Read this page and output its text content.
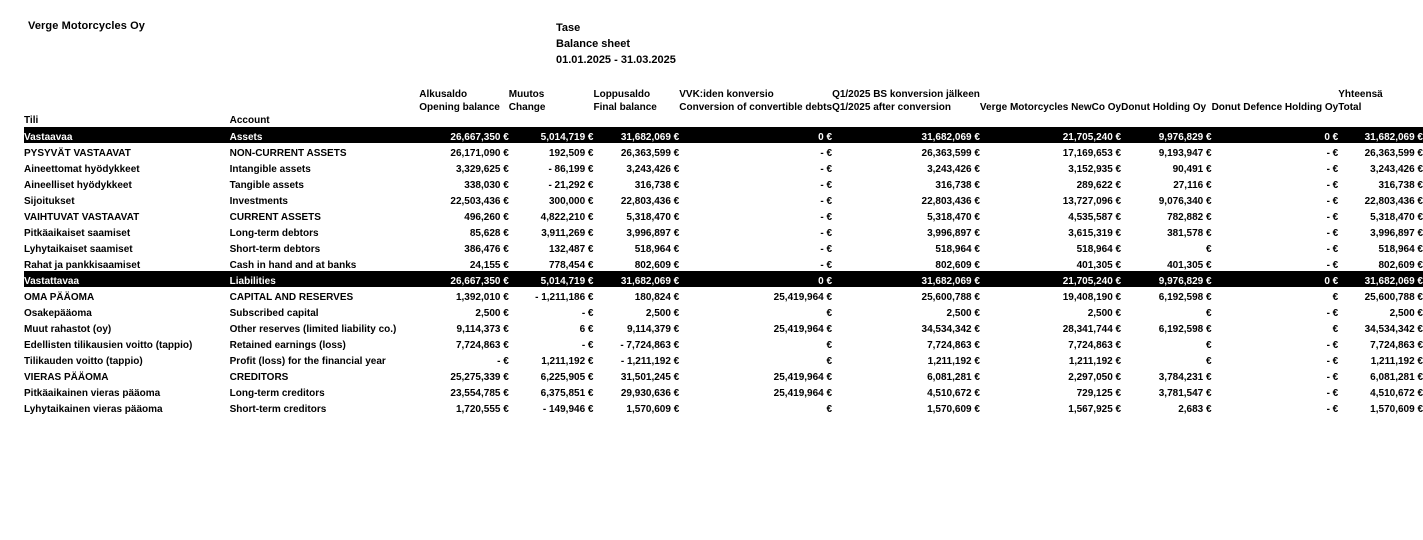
Verge Motorcycles Oy	Tase
Balance sheet
01.01.2025 - 31.03.2025

Alkusaldo
Opening balance

Muutos
Change

Loppusaldo
Final balance

VVK:iden konversio
Conversion of convertible debts

Q1/2025 BS konversion jälkeen
Q1/2025 after conversion	Verge Motorcycles NewCo Oy	Donut Holding Oy	Donut Defence Holding Oy

Yhteensä
Total

Tili	Account									
Vastaavaa	Assets	26,667,350 €	5,014,719 €	31,682,069 €	0 €	31,682,069 €	21,705,240 €	9,976,829 €	0 €	31,682,069 €
PYSYVÄT VASTAAVAT	NON-CURRENT ASSETS	26,171,090 €	192,509 €	26,363,599 €	- €	26,363,599 €	17,169,653 €	9,193,947 €	- €	26,363,599 €
Aineettomat hyödykkeet	Intangible assets	3,329,625 €	- 86,199 €	3,243,426 €	- €	3,243,426 €	3,152,935 €	90,491 €	- €	3,243,426 €
Aineelliset hyödykkeet	Tangible assets	338,030 €	- 21,292 €	316,738 €	- €	316,738 €	289,622 €	27,116 €	- €	316,738 €
Sijoitukset	Investments	22,503,436 €	300,000 €	22,803,436 €	- €	22,803,436 €	13,727,096 €	9,076,340 €	- €	22,803,436 €
VAIHTUVAT VASTAAVAT	CURRENT ASSETS	496,260 €	4,822,210 €	5,318,470 €	- €	5,318,470 €	4,535,587 €	782,882 €	- €	5,318,470 €
Pitkäaikaiset saamiset	Long-term debtors	85,628 €	3,911,269 €	3,996,897 €	- €	3,996,897 €	3,615,319 €	381,578 €	- €	3,996,897 €
Lyhytaikaiset saamiset	Short-term debtors	386,476 €	132,487 €	518,964 €	- €	518,964 €	518,964 €	€	- €	518,964 €
Rahat ja pankkisaamiset	Cash in hand and at banks	24,155 €	778,454 €	802,609 €	- €	802,609 €	401,305 €	401,305 €	- €	802,609 €
Vastattavaa	Liabilities	26,667,350 €	5,014,719 €	31,682,069 €	0 €	31,682,069 €	21,705,240 €	9,976,829 €	0 €	31,682,069 €
OMA PÄÄOMA	CAPITAL AND RESERVES	1,392,010 €	- 1,211,186 €	180,824 €	25,419,964 €	25,600,788 €	19,408,190 €	6,192,598 €	€	25,600,788 €
Osakepääoma	Subscribed capital	2,500 €	- €	2,500 €	€	2,500 €	2,500 €	€	- €	2,500 €
Muut rahastot (oy)	Other reserves (limited liability co.)	9,114,373 €	6 €	9,114,379 €	25,419,964 €	34,534,342 €	28,341,744 €	6,192,598 €	€	34,534,342 €
Edellisten tilikausien voitto (tappio)	Retained earnings (loss)	7,724,863 €	- €	- 7,724,863 €	€	7,724,863 €	7,724,863 €	€	- €	7,724,863 €
Tilikauden voitto (tappio)	Profit (loss) for the financial year	- €	1,211,192 €	- 1,211,192 €	€	1,211,192 €	1,211,192 €	€	- €	1,211,192 €
VIERAS PÄÄOMA	CREDITORS	25,275,339 €	6,225,905 €	31,501,245 €	25,419,964 €	6,081,281 €	2,297,050 €	3,784,231 €	- €	6,081,281 €
Pitkäaikainen vieras pääoma	Long-term creditors	23,554,785 €	6,375,851 €	29,930,636 €	25,419,964 €	4,510,672 €	729,125 €	3,781,547 €	- €	4,510,672 €
Lyhytaikainen vieras pääoma	Short-term creditors	1,720,555 €	- 149,946 €	1,570,609 €	€	1,570,609 €	1,567,925 €	2,683 €	- €	1,570,609 €
